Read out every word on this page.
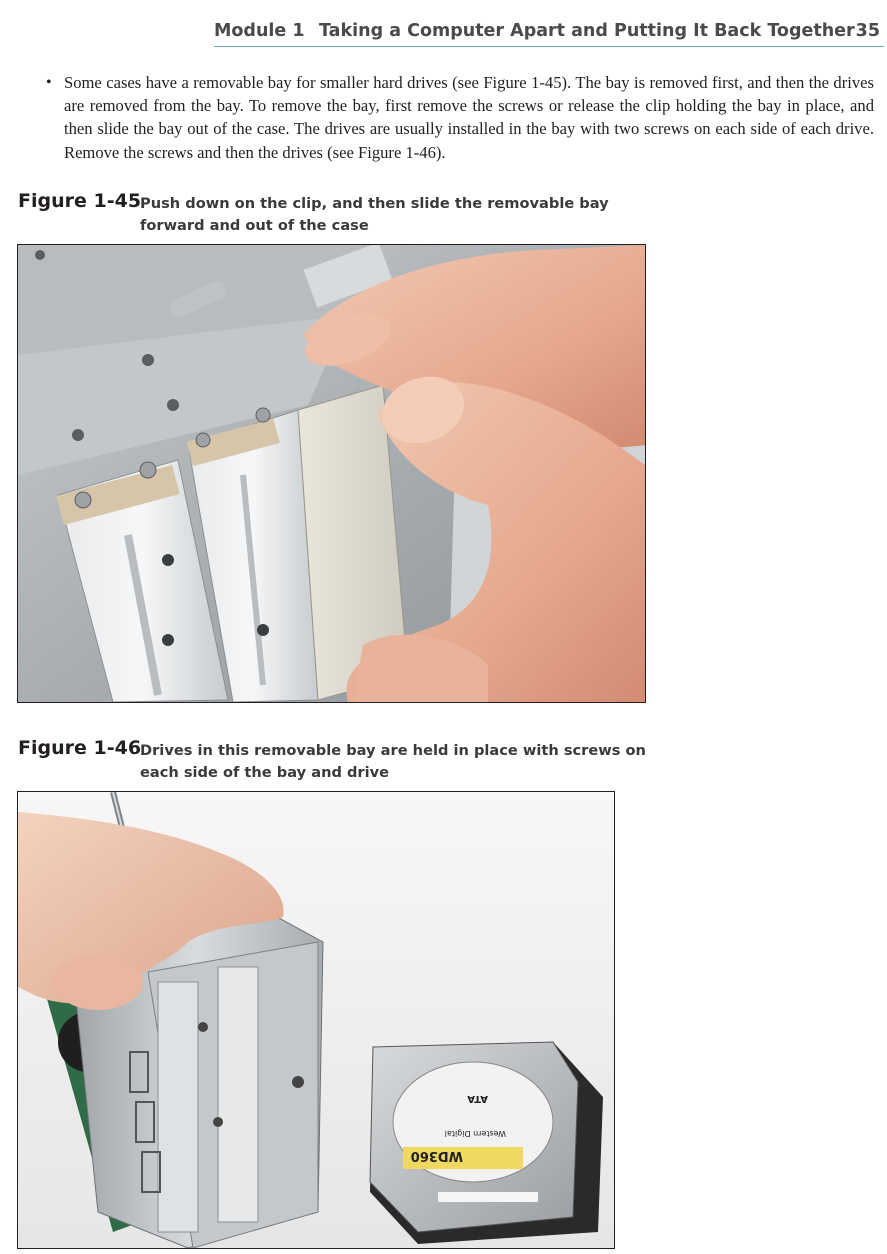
Module 1 Taking a Computer Apart and Putting It Back Together 35
• Some cases have a removable bay for smaller hard drives (see Figure 1-45). The bay is removed first, and then the drives are removed from the bay. To remove the bay, first remove the screws or release the clip holding the bay in place, and then slide the bay out of the case. The drives are usually installed in the bay with two screws on each side of each drive. Remove the screws and then the drives (see Figure 1-46).
Figure 1-45
Push down on the clip, and then slide the removable bay forward and out of the case
Figure 1-46
Drives in this removable bay are held in place with screws on each side of the bay and drive
WD360
Western Digital
ATA
